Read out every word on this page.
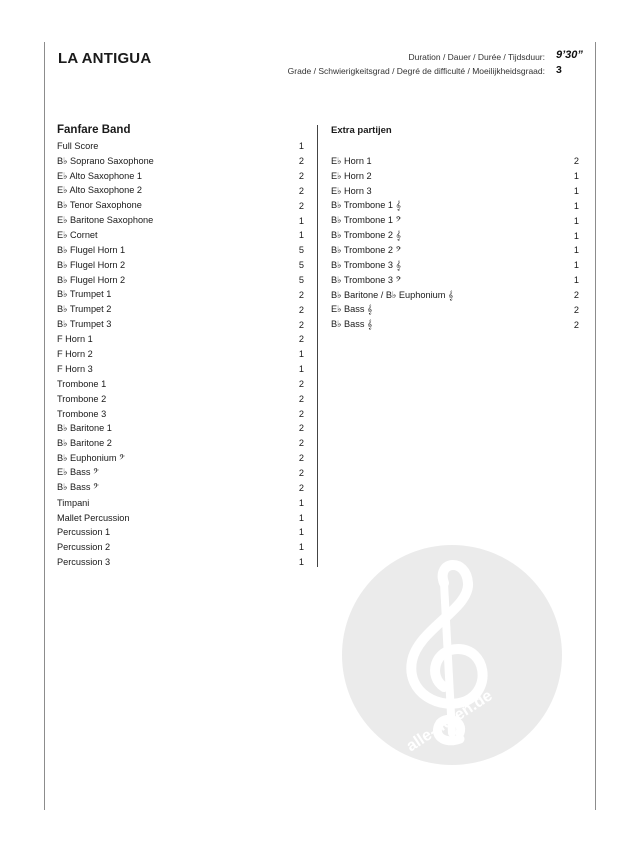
LA ANTIGUA	Duration / Dauer / Durée / Tijdsduur: 9’30”
Grade / Schwierigkeitsgrad / Degré de difficulté / Moeilijkheidsgraad: 3
Fanfare Band
Full Score	1
B♭ Soprano Saxophone	2
E♭ Alto Saxophone 1	2
E♭ Alto Saxophone 2	2
B♭ Tenor Saxophone	2
E♭ Baritone Saxophone	1
E♭ Cornet	1
B♭ Flugel Horn 1	5
B♭ Flugel Horn 2	5
B♭ Flugel Horn 2	5
B♭ Trumpet 1	2
B♭ Trumpet 2	2
B♭ Trumpet 3	2
F Horn 1	2
F Horn 2	1
F Horn 3	1
Trombone 1	2
Trombone 2	2
Trombone 3	2
B♭ Baritone 1	2
B♭ Baritone 2	2
B♭ Euphonium 𝄢	2
E♭ Bass 𝄢	2
B♭ Bass 𝄢	2
Timpani	1
Mallet Percussion	1
Percussion 1	1
Percussion 2	1
Percussion 3	1
Extra partijen
E♭ Horn 1	2
E♭ Horn 2	1
E♭ Horn 3	1
B♭ Trombone 1 𝄞	1
B♭ Trombone 1 𝄢	1
B♭ Trombone 2 𝄞	1
B♭ Trombone 2 𝄢	1
B♭ Trombone 3 𝄞	1
B♭ Trombone 3 𝄢	1
B♭ Baritone / B♭ Euphonium 𝄞	2
E♭ Bass 𝄞	2
B♭ Bass 𝄞	2
alle-noten.de
